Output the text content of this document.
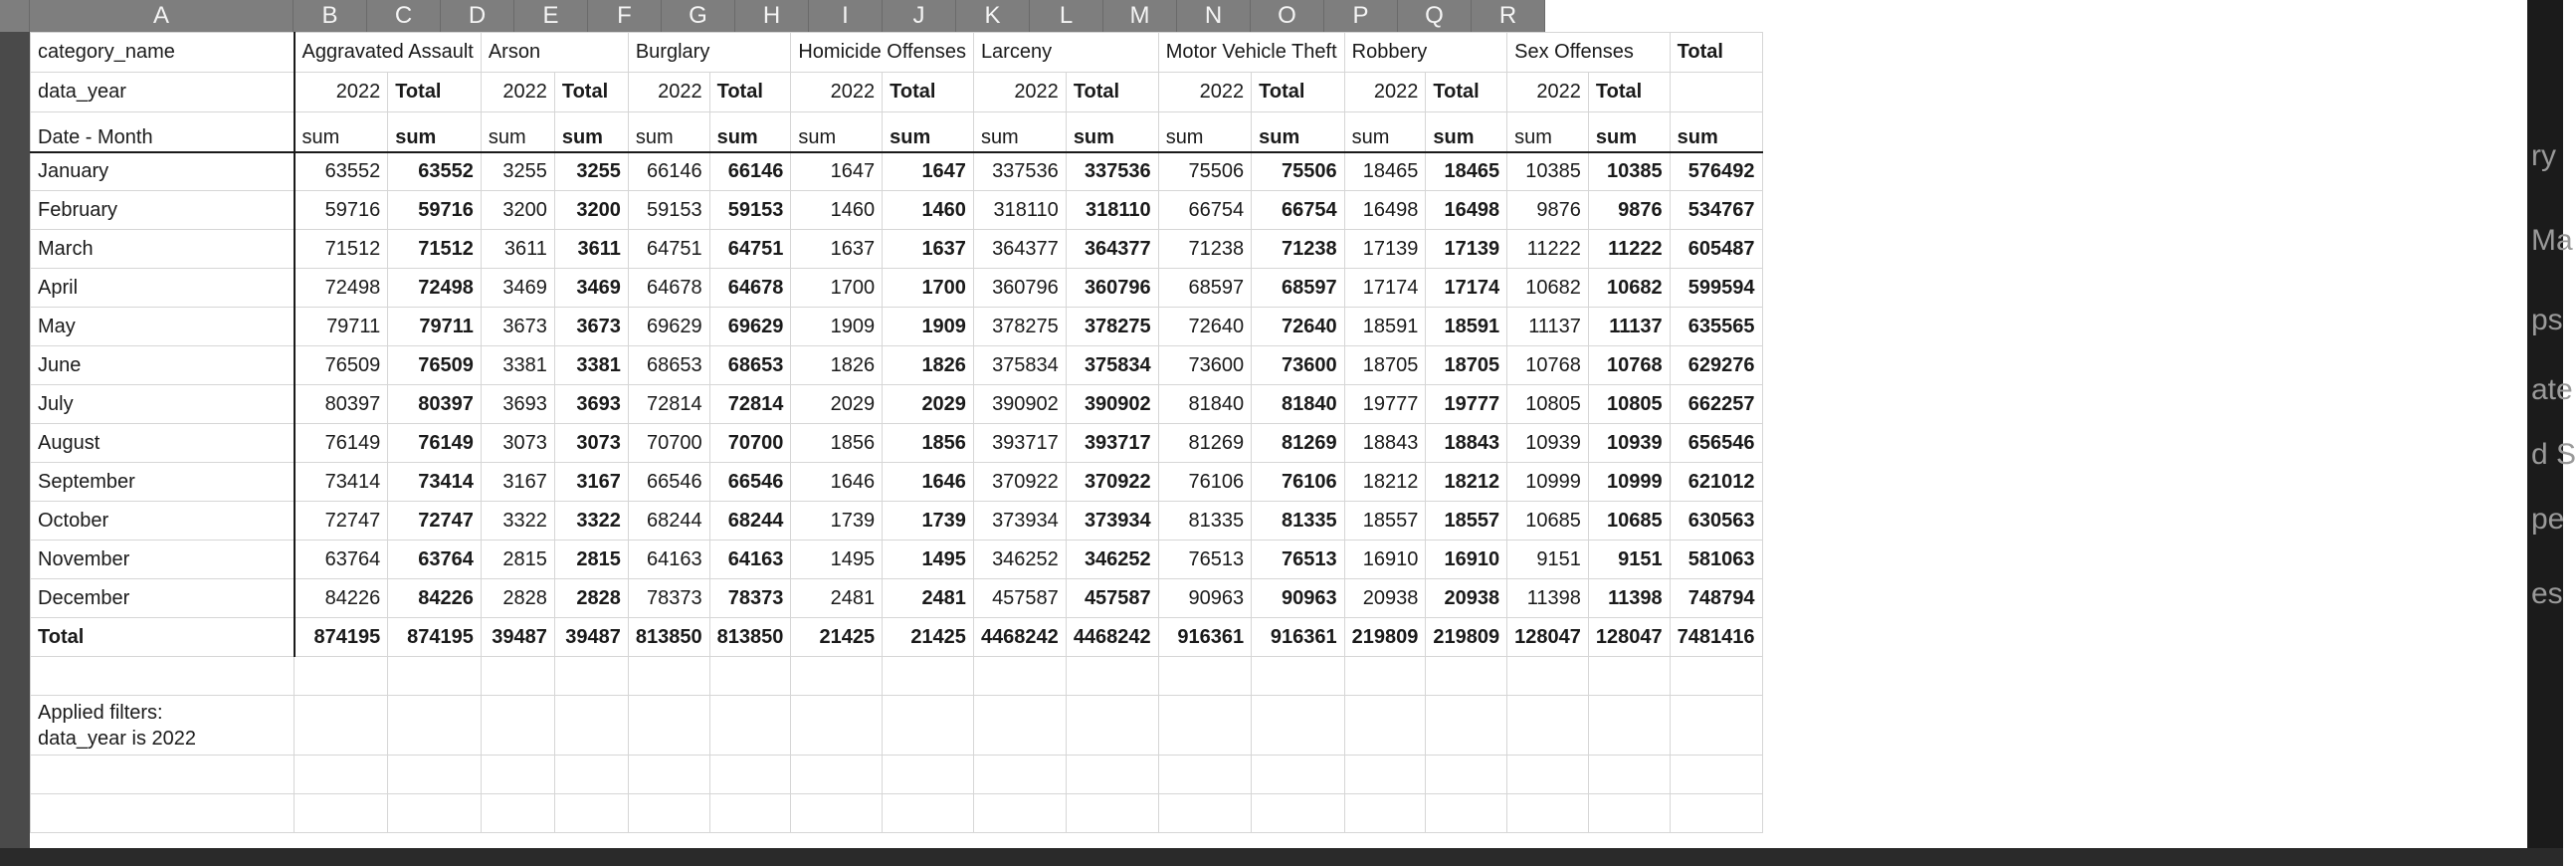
ry
Ma
ps
ate
d S
pe
es
A	B	C	D	E	F	G	H	I	J	K	L	M	N	O	P	Q	R
category_name	Aggravated Assault		Arson		Burglary		Homicide Offenses		Larceny		Motor Vehicle Theft		Robbery		Sex Offenses		Total
data_year	2022	Total	2022	Total	2022	Total	2022	Total	2022	Total	2022	Total	2022	Total	2022	Total	
Date - Month	sum	sum	sum	sum	sum	sum	sum	sum	sum	sum	sum	sum	sum	sum	sum	sum	sum
January	63552	63552	3255	3255	66146	66146	1647	1647	337536	337536	75506	75506	18465	18465	10385	10385	576492
February	59716	59716	3200	3200	59153	59153	1460	1460	318110	318110	66754	66754	16498	16498	9876	9876	534767
March	71512	71512	3611	3611	64751	64751	1637	1637	364377	364377	71238	71238	17139	17139	11222	11222	605487
April	72498	72498	3469	3469	64678	64678	1700	1700	360796	360796	68597	68597	17174	17174	10682	10682	599594
May	79711	79711	3673	3673	69629	69629	1909	1909	378275	378275	72640	72640	18591	18591	11137	11137	635565
June	76509	76509	3381	3381	68653	68653	1826	1826	375834	375834	73600	73600	18705	18705	10768	10768	629276
July	80397	80397	3693	3693	72814	72814	2029	2029	390902	390902	81840	81840	19777	19777	10805	10805	662257
August	76149	76149	3073	3073	70700	70700	1856	1856	393717	393717	81269	81269	18843	18843	10939	10939	656546
September	73414	73414	3167	3167	66546	66546	1646	1646	370922	370922	76106	76106	18212	18212	10999	10999	621012
October	72747	72747	3322	3322	68244	68244	1739	1739	373934	373934	81335	81335	18557	18557	10685	10685	630563
November	63764	63764	2815	2815	64163	64163	1495	1495	346252	346252	76513	76513	16910	16910	9151	9151	581063
December	84226	84226	2828	2828	78373	78373	2481	2481	457587	457587	90963	90963	20938	20938	11398	11398	748794
Total	874195	874195	39487	39487	813850	813850	21425	21425	4468242	4468242	916361	916361	219809	219809	128047	128047	7481416

Applied filters:
data_year is 2022																	
